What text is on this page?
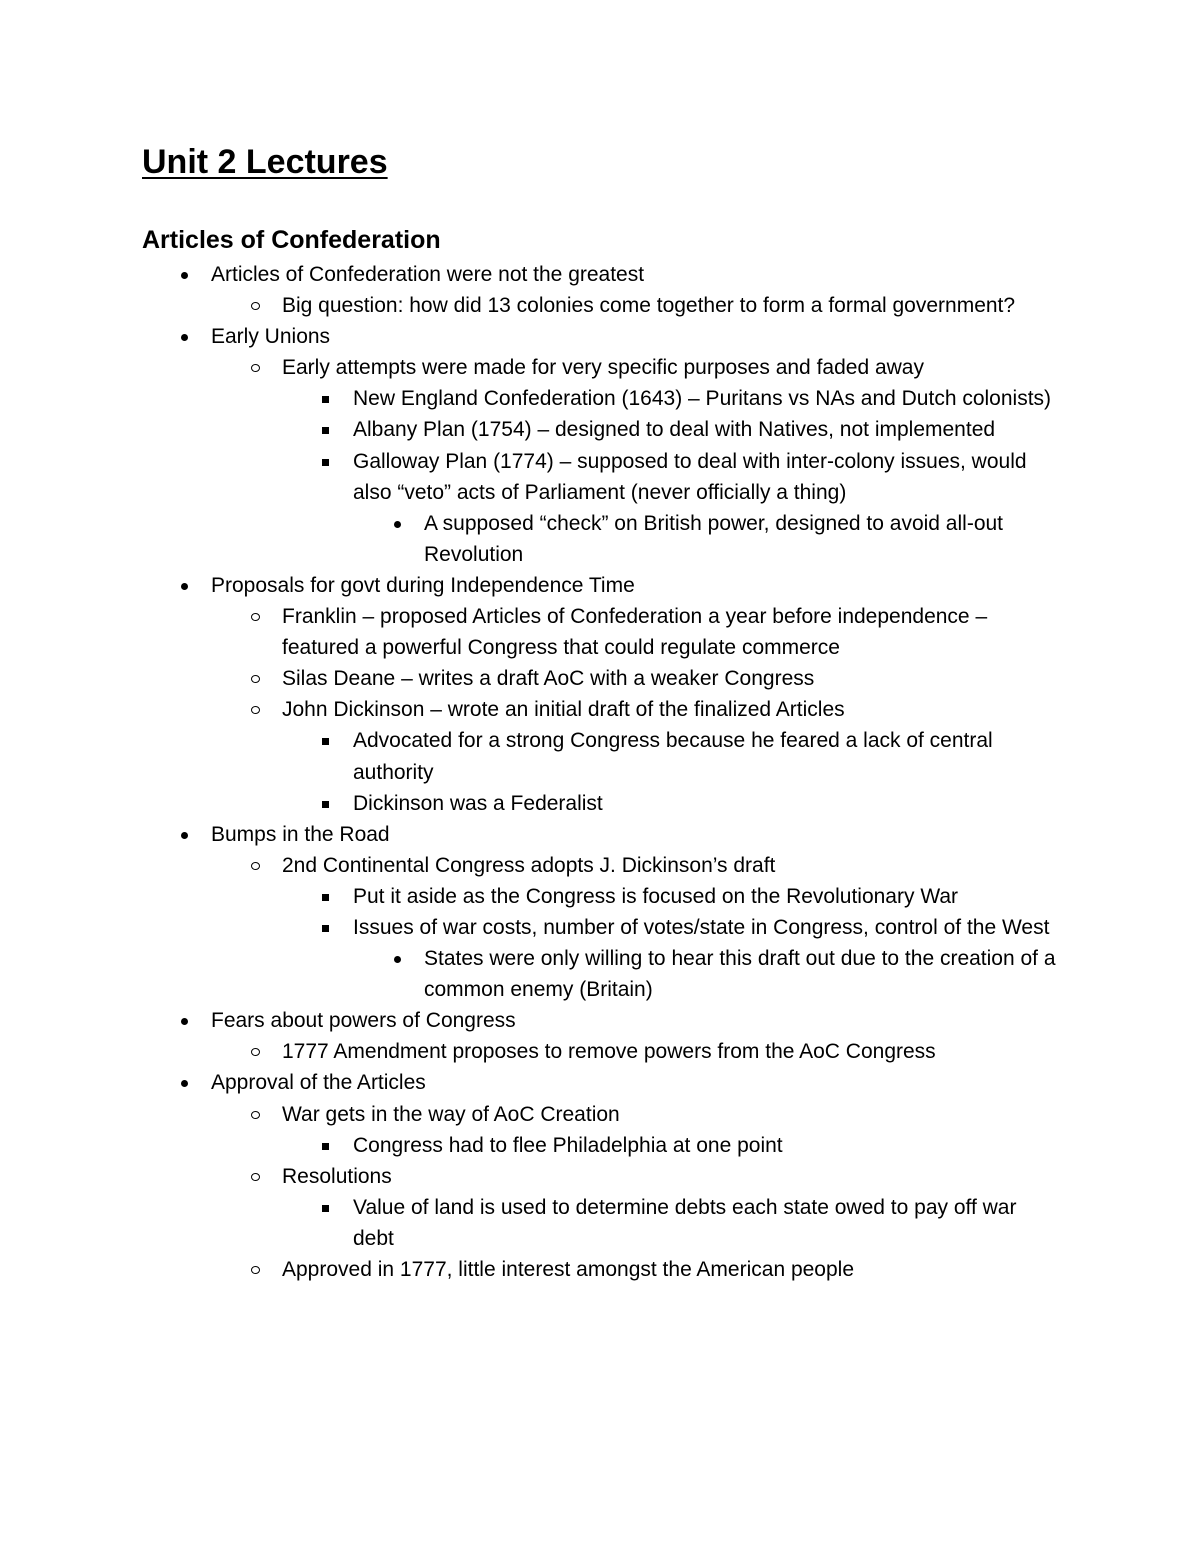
Unit 2 Lectures
Articles of Confederation
Articles of Confederation were not the greatest
Big question: how did 13 colonies come together to form a formal government?
Early Unions
Early attempts were made for very specific purposes and faded away
New England Confederation (1643) – Puritans vs NAs and Dutch colonists)
Albany Plan (1754) – designed to deal with Natives, not implemented
Galloway Plan (1774) – supposed to deal with inter-colony issues, would also “veto” acts of Parliament (never officially a thing)
A supposed “check” on British power, designed to avoid all-out Revolution
Proposals for govt during Independence Time
Franklin – proposed Articles of Confederation a year before independence – featured a powerful Congress that could regulate commerce
Silas Deane – writes a draft AoC with a weaker Congress
John Dickinson – wrote an initial draft of the finalized Articles
Advocated for a strong Congress because he feared a lack of central authority
Dickinson was a Federalist
Bumps in the Road
2nd Continental Congress adopts J. Dickinson’s draft
Put it aside as the Congress is focused on the Revolutionary War
Issues of war costs, number of votes/state in Congress, control of the West
States were only willing to hear this draft out due to the creation of a common enemy (Britain)
Fears about powers of Congress
1777 Amendment proposes to remove powers from the AoC Congress
Approval of the Articles
War gets in the way of AoC Creation
Congress had to flee Philadelphia at one point
Resolutions
Value of land is used to determine debts each state owed to pay off war debt
Approved in 1777, little interest amongst the American people
